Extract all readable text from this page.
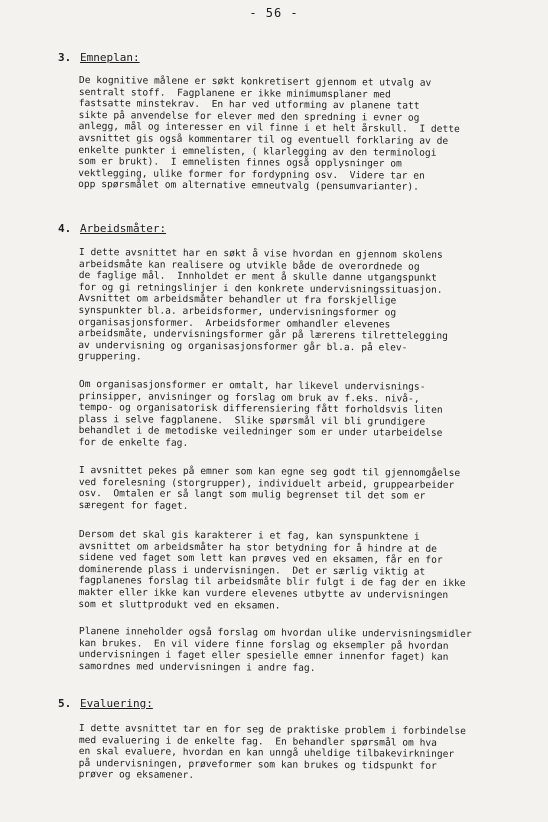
- 56 -
3. Emneplan:

De kognitive målene er søkt konkretisert gjennom et utvalg av
sentralt stoff.  Fagplanene er ikke minimumsplaner med
fastsatte minstekrav.  En har ved utforming av planene tatt
sikte på anvendelse for elever med den spredning i evner og
anlegg, mål og interesser en vil finne i et helt årskull.  I dette
avsnittet gis også kommentarer til og eventuell forklaring av de
enkelte punkter i emnelisten, ( klarlegging av den terminologi
som er brukt).  I emnelisten finnes også opplysninger om
vektlegging, ulike former for fordypning osv.  Videre tar en
opp spørsmålet om alternative emneutvalg (pensumvarianter).

4. Arbeidsmåter:

I dette avsnittet har en søkt å vise hvordan en gjennom skolens
arbeidsmåte kan realisere og utvikle både de overordnede og
de faglige mål.  Innholdet er ment å skulle danne utgangspunkt
for og gi retningslinjer i den konkrete undervisningssituasjon.
Avsnittet om arbeidsmåter behandler ut fra forskjellige
synspunkter bl.a. arbeidsformer, undervisningsformer og
organisasjonsformer.  Arbeidsformer omhandler elevenes
arbeidsmåte, undervisningsformer går på lærerens tilrettelegging
av undervisning og organisasjonsformer går bl.a. på elev-
gruppering.

Om organisasjonsformer er omtalt, har likevel undervisnings-
prinsipper, anvisninger og forslag om bruk av f.eks. nivå-,
tempo- og organisatorisk differensiering fått forholdsvis liten
plass i selve fagplanene.  Slike spørsmål vil bli grundigere
behandlet i de metodiske veiledninger som er under utarbeidelse
for de enkelte fag.

I avsnittet pekes på emner som kan egne seg godt til gjennomgåelse
ved forelesning (storgrupper), individuelt arbeid, gruppearbeider
osv.  Omtalen er så langt som mulig begrenset til det som er
særegent for faget.

Dersom det skal gis karakterer i et fag, kan synspunktene i
avsnittet om arbeidsmåter ha stor betydning for å hindre at de
sidene ved faget som lett kan prøves ved en eksamen, får en for
dominerende plass i undervisningen.  Det er særlig viktig at
fagplanenes forslag til arbeidsmåte blir fulgt i de fag der en ikke
makter eller ikke kan vurdere elevenes utbytte av undervisningen
som et sluttprodukt ved en eksamen.

Planene inneholder også forslag om hvordan ulike undervisningsmidler
kan brukes.  En vil videre finne forslag og eksempler på hvordan
undervisningen i faget eller spesielle emner innenfor faget) kan
samordnes med undervisningen i andre fag.

5. Evaluering:

I dette avsnittet tar en for seg de praktiske problem i forbindelse
med evaluering i de enkelte fag.  En behandler spørsmål om hva
en skal evaluere, hvordan en kan unngå uheldige tilbakevirkninger
på undervisningen, prøveformer som kan brukes og tidspunkt for
prøver og eksamener.
